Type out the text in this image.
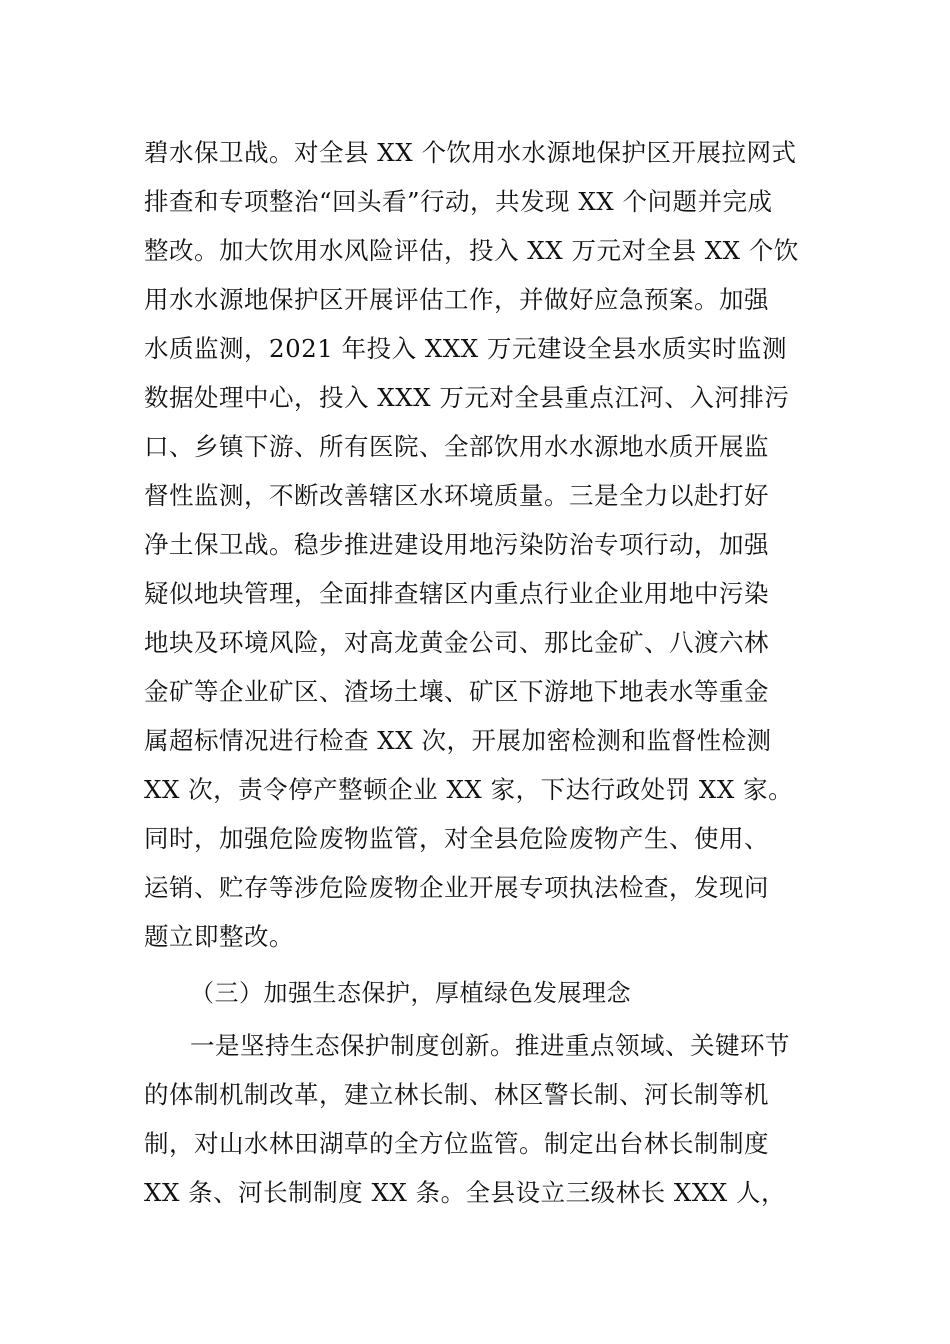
碧水保卫战。对全县 XX 个饮用水水源地保护区开展拉网式
排查和专项整治“回头看”行动，共发现 XX 个问题并完成
整改。加大饮用水风险评估，投入 XX 万元对全县 XX 个饮
用水水源地保护区开展评估工作，并做好应急预案。加强
水质监测，2021 年投入 XXX 万元建设全县水质实时监测
数据处理中心，投入 XXX 万元对全县重点江河、入河排污
口、乡镇下游、所有医院、全部饮用水水源地水质开展监
督性监测，不断改善辖区水环境质量。三是全力以赴打好
净土保卫战。稳步推进建设用地污染防治专项行动，加强
疑似地块管理，全面排查辖区内重点行业企业用地中污染
地块及环境风险，对高龙黄金公司、那比金矿、八渡六林
金矿等企业矿区、渣场土壤、矿区下游地下地表水等重金
属超标情况进行检查 XX 次，开展加密检测和监督性检测
XX 次，责令停产整顿企业 XX 家，下达行政处罚 XX 家。
同时，加强危险废物监管，对全县危险废物产生、使用、
运销、贮存等涉危险废物企业开展专项执法检查，发现问
题立即整改。
（三）加强生态保护，厚植绿色发展理念
一是坚持生态保护制度创新。推进重点领域、关键环节
的体制机制改革，建立林长制、林区警长制、河长制等机
制，对山水林田湖草的全方位监管。制定出台林长制制度
XX 条、河长制制度 XX 条。全县设立三级林长 XXX 人，
